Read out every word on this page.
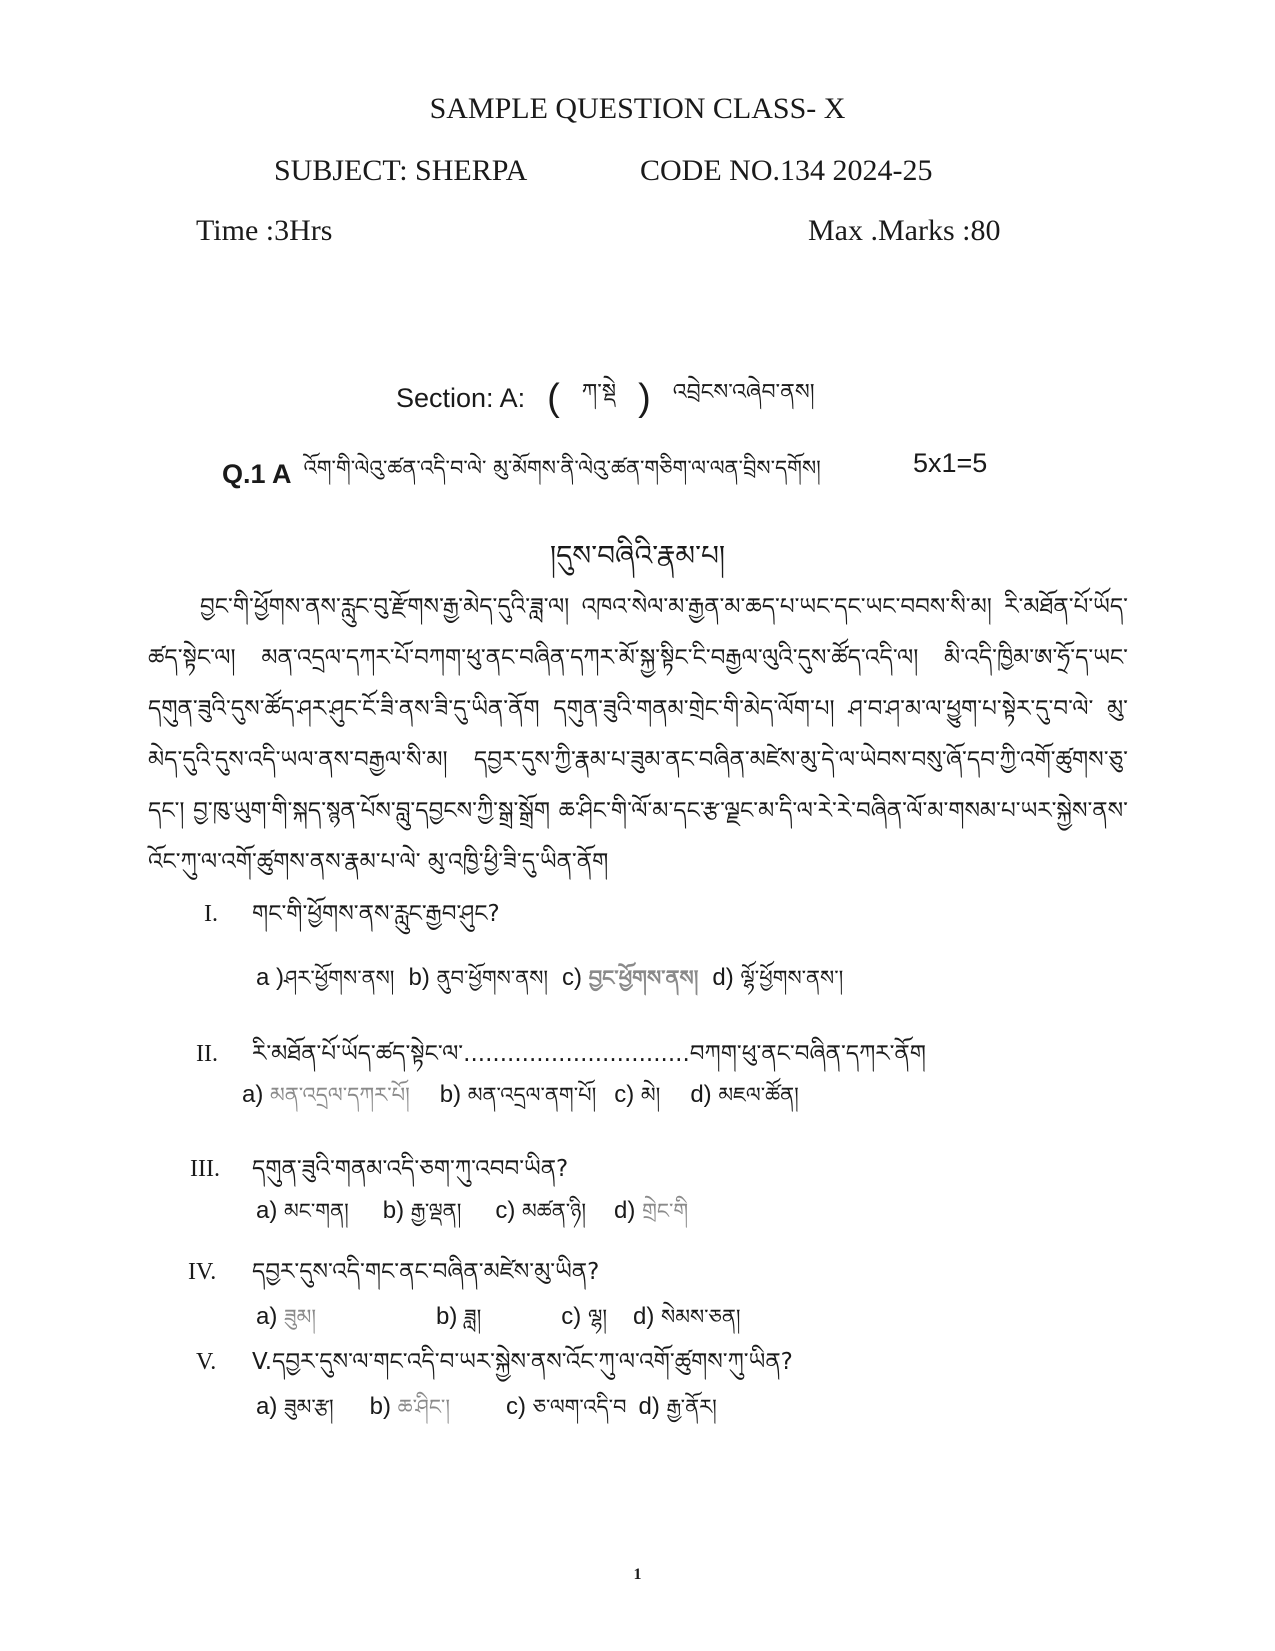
SAMPLE QUESTION CLASS- X
SUBJECT: SHERPA	CODE NO.134 2024-25
Time :3Hrs	Max .Marks :80
Section: A: ( ཀ་སྡེ ) འབྲེངས་འཞེབ་ནས།
Q.1 A འོག་གི་ལེའུ་ཚན་འདི་བ་ལེ་ མུ་མོགས་ནི་ལེའུ་ཚན་གཅིག་ལ་ལན་བྲིས་དགོས།	5x1=5
།དུས་བཞིའི་རྣམ་པ།

བྱང་གི་ཕྱོགས་ནས་རླུང་བུ་རྫོགས་རྒྱ་མེད་དུའི་ཟླ་ལ། འཁའ་སེལ་མ་རྒྱན་མ་ཆད་པ་ཡང་དང་ཡང་བབས་སི་མ། རི་མཐོན་པོ་ཡོད་ཚད་སྟེང་ལ། མན་འདྲལ་དཀར་པོ་བཀག་ཕུ་ནང་བཞིན་དཀར་མོ་སྐྱ་སྟིང་ངི་བརྒྱལ་ལུའི་དུས་ཚོད་འདི་ལ། མི་འདི་ཁྱིམ་ཨ་ཧྲོ་ད་ཡང་དགུན་ཟུའི་དུས་ཚོད་ཤར་ཤུང་ངོ་ཟི་ནས་ཟི་དུ་ཡིན་ནོག དགུན་ཟུའི་གནམ་གྲེང་གི་མེད་ལོག་པ། ཤ་བ་ཤ་མ་ལ་ཕྱུག་པ་སྟེར་དུ་བ་ལེ་ མུ་མེད་དུའི་དུས་འདི་ཡལ་ནས་བརྒྱལ་སི་མ། དབྱར་དུས་ཀྱི་རྣམ་པ་ཟུམ་ནང་བཞིན་མཛེས་མུ་དེ་ལ་ཡེབས་བསུ་ཞོ་དབ་ཀྱི་འགོ་ཚུགས་ཅུ་དང་། བྱ་ཁུ་ཡུག་གི་སྐད་སྙན་པོས་བླུ་དབྱངས་ཀྱི་སྒྲ་སྒྲོག ཆ་ཤིང་གི་ལོ་མ་དང་རྩ་ལྗང་མ་དི་ལ་རེ་རེ་བཞིན་ལོ་མ་གསམ་པ་ཡར་སྐྱེས་ནས་འོང་ཀུ་ལ་འགོ་ཚུགས་ནས་རྣམ་པ་ལེ་ མུ་འཁྱི་ཕྱི་ཟི་དུ་ཡིན་ནོག

I.	གང་གི་ཕྱོགས་ནས་རླུང་རྒྱབ་ཤུང?
a )ཤར་ཕྱོགས་ནས། b) ནུབ་ཕྱོགས་ནས། c) བྱང་ཕྱོགས་ནས། d) ལྷོ་ཕྱོགས་ནས་།
II.	རི་མཐོན་པོ་ཡོད་ཚད་སྟེང་ལ་...............................བཀག་ཕུ་ནང་བཞིན་དཀར་ནོག
a) མན་འདྲལ་དཀར་པོ། b) མན་འདྲལ་ནག་པོ། c) མེ། d) མཇལ་ཚོན།
III.	དགུན་ཟུའི་གནམ་འདི་ཅག་ཀུ་འབབ་ཡིན?
a) མང་གན། b) རྒྱ་ལྡན། c) མཚན་ཉི། d) གྲེང་གི
IV.	དབྱར་དུས་འདི་གང་ནང་བཞིན་མཛེས་མུ་ཡིན?
a) ཟུམ།	b) ཟླ།	c) ལྷ། d) སེམས་ཅན།
V.	V.དབྱར་དུས་ལ་གང་འདི་བ་ཡར་སྐྱེས་ནས་འོང་ཀུ་ལ་འགོ་ཚུགས་ཀུ་ཡིན?
a) ཟུམ་རྩ། b) ཆ་ཤིང་། c) ཅ་ལག་འདི་བ d) རྒྱ་ནོར།
1
